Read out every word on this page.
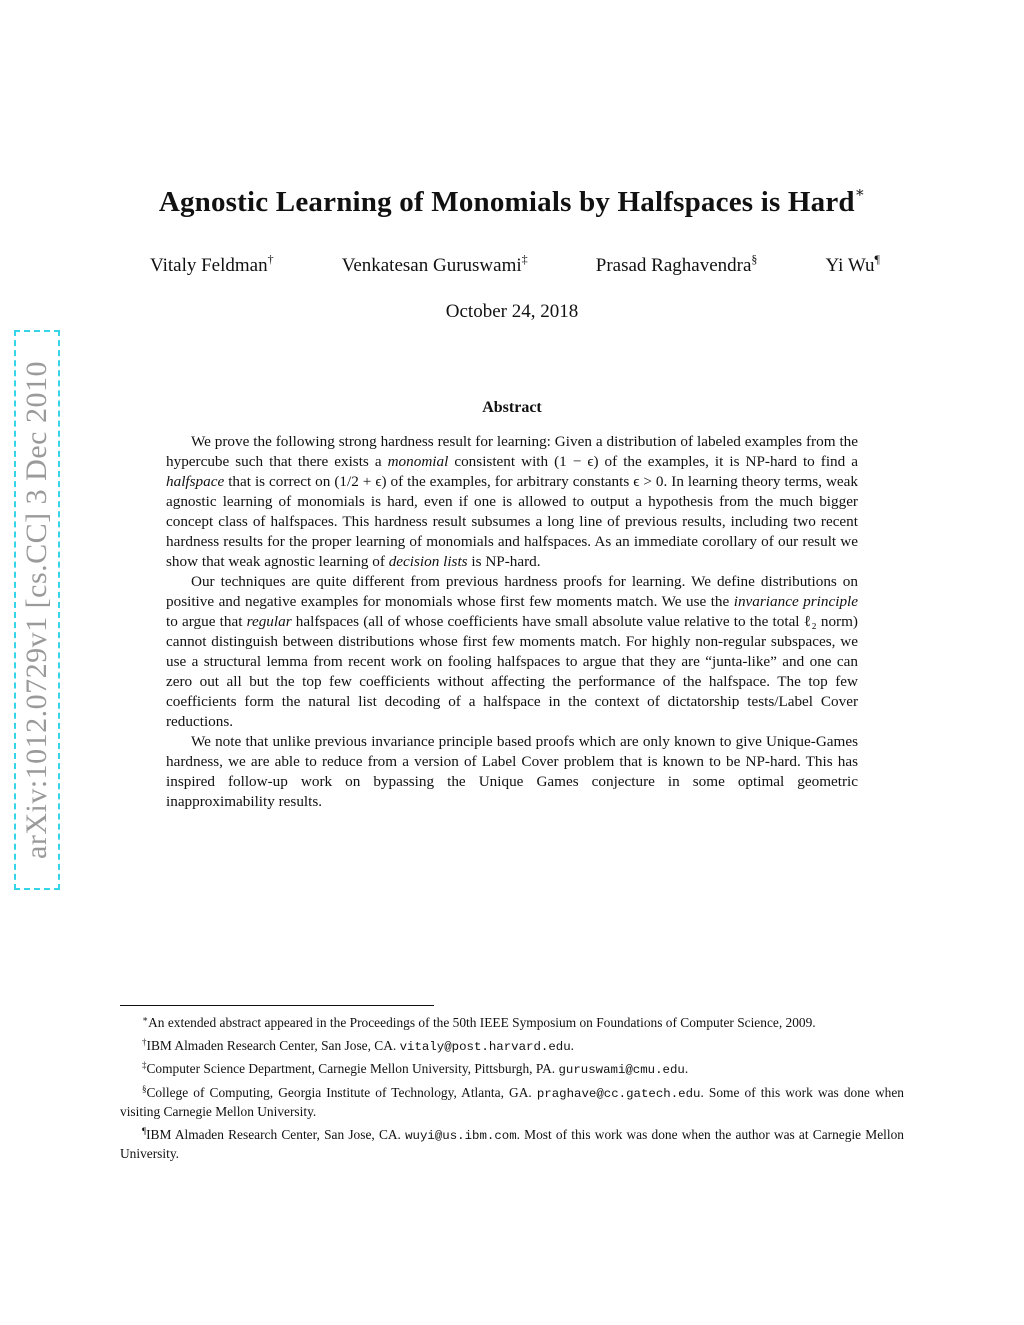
arXiv:1012.0729v1 [cs.CC] 3 Dec 2010
Agnostic Learning of Monomials by Halfspaces is Hard∗
Vitaly Feldman†	Venkatesan Guruswami‡	Prasad Raghavendra§	Yi Wu¶
October 24, 2018
Abstract

We prove the following strong hardness result for learning: Given a distribution of labeled examples from the hypercube such that there exists a monomial consistent with (1 − ϵ) of the examples, it is NP-hard to find a halfspace that is correct on (1/2 + ϵ) of the examples, for arbitrary constants ϵ > 0. In learning theory terms, weak agnostic learning of monomials is hard, even if one is allowed to output a hypothesis from the much bigger concept class of halfspaces. This hardness result subsumes a long line of previous results, including two recent hardness results for the proper learning of monomials and halfspaces. As an immediate corollary of our result we show that weak agnostic learning of decision lists is NP-hard.

Our techniques are quite different from previous hardness proofs for learning. We define distributions on positive and negative examples for monomials whose first few moments match. We use the invariance principle to argue that regular halfspaces (all of whose coefficients have small absolute value relative to the total ℓ₂ norm) cannot distinguish between distributions whose first few moments match. For highly non-regular subspaces, we use a structural lemma from recent work on fooling halfspaces to argue that they are “junta-like” and one can zero out all but the top few coefficients without affecting the performance of the halfspace. The top few coefficients form the natural list decoding of a halfspace in the context of dictatorship tests/Label Cover reductions.

We note that unlike previous invariance principle based proofs which are only known to give Unique-Games hardness, we are able to reduce from a version of Label Cover problem that is known to be NP-hard. This has inspired follow-up work on bypassing the Unique Games conjecture in some optimal geometric inapproximability results.

∗An extended abstract appeared in the Proceedings of the 50th IEEE Symposium on Foundations of Computer Science, 2009.

†IBM Almaden Research Center, San Jose, CA. vitaly@post.harvard.edu.

‡Computer Science Department, Carnegie Mellon University, Pittsburgh, PA. guruswami@cmu.edu.

§College of Computing, Georgia Institute of Technology, Atlanta, GA. praghave@cc.gatech.edu. Some of this work was done when visiting Carnegie Mellon University.

¶IBM Almaden Research Center, San Jose, CA. wuyi@us.ibm.com. Most of this work was done when the author was at Carnegie Mellon University.
